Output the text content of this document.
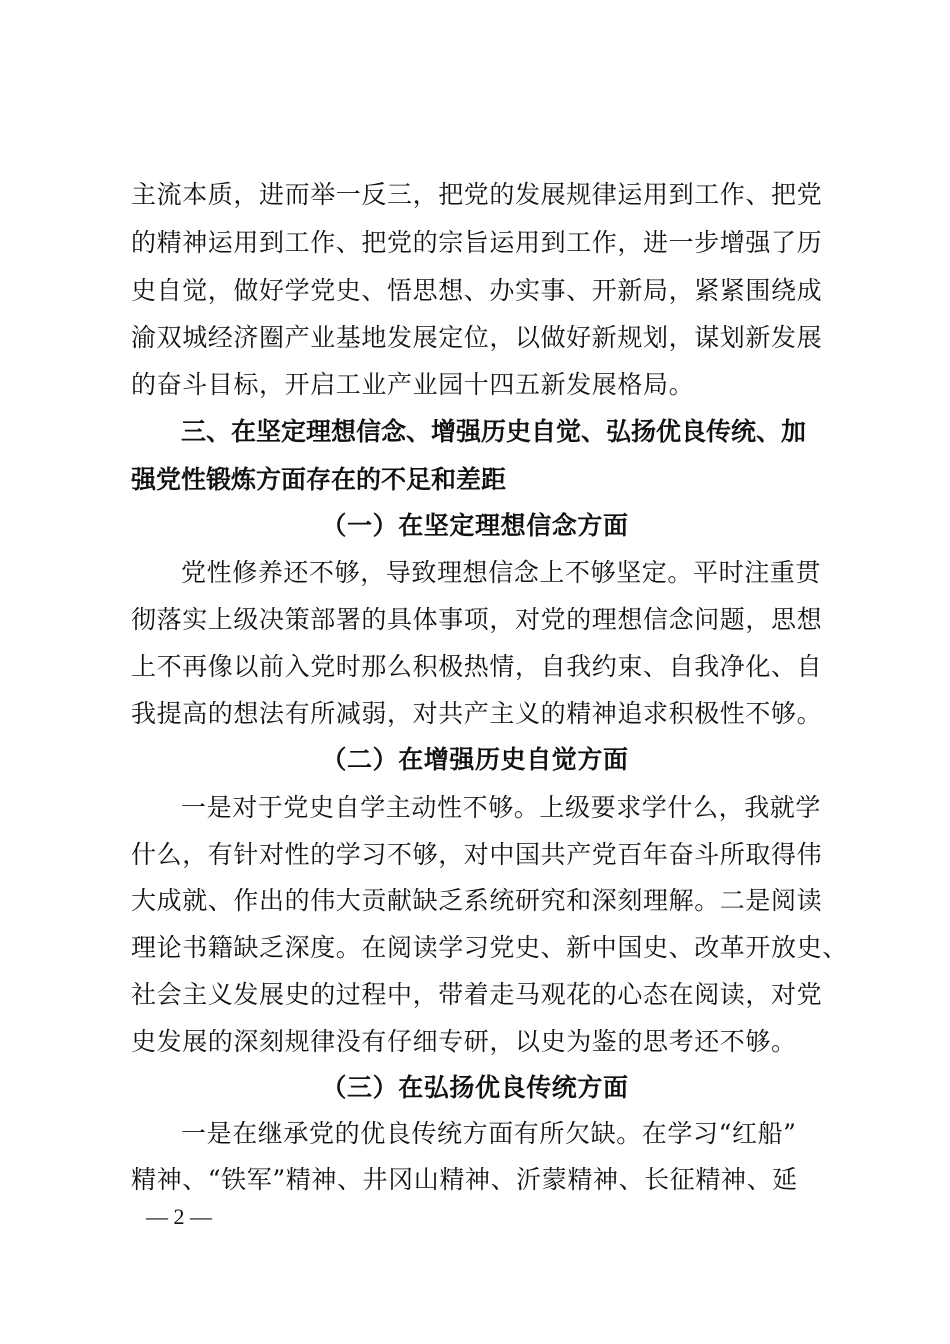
主流本质，进而举一反三，把党的发展规律运用到工作、把党
的精神运用到工作、把党的宗旨运用到工作，进一步增强了历
史自觉，做好学党史、悟思想、办实事、开新局，紧紧围绕成
渝双城经济圈产业基地发展定位，以做好新规划，谋划新发展
的奋斗目标，开启工业产业园十四五新发展格局。
三、在坚定理想信念、增强历史自觉、弘扬优良传统、加
强党性锻炼方面存在的不足和差距
（一）在坚定理想信念方面
党性修养还不够，导致理想信念上不够坚定。平时注重贯
彻落实上级决策部署的具体事项，对党的理想信念问题，思想
上不再像以前入党时那么积极热情，自我约束、自我净化、自
我提高的想法有所减弱，对共产主义的精神追求积极性不够。
（二）在增强历史自觉方面
一是对于党史自学主动性不够。上级要求学什么，我就学
什么，有针对性的学习不够，对中国共产党百年奋斗所取得伟
大成就、作出的伟大贡献缺乏系统研究和深刻理解。二是阅读
理论书籍缺乏深度。在阅读学习党史、新中国史、改革开放史、
社会主义发展史的过程中，带着走马观花的心态在阅读，对党
史发展的深刻规律没有仔细专研，以史为鉴的思考还不够。
（三）在弘扬优良传统方面
一是在继承党的优良传统方面有所欠缺。在学习“红船”
精神、“铁军”精神、井冈山精神、沂蒙精神、长征精神、延
— 2 —
